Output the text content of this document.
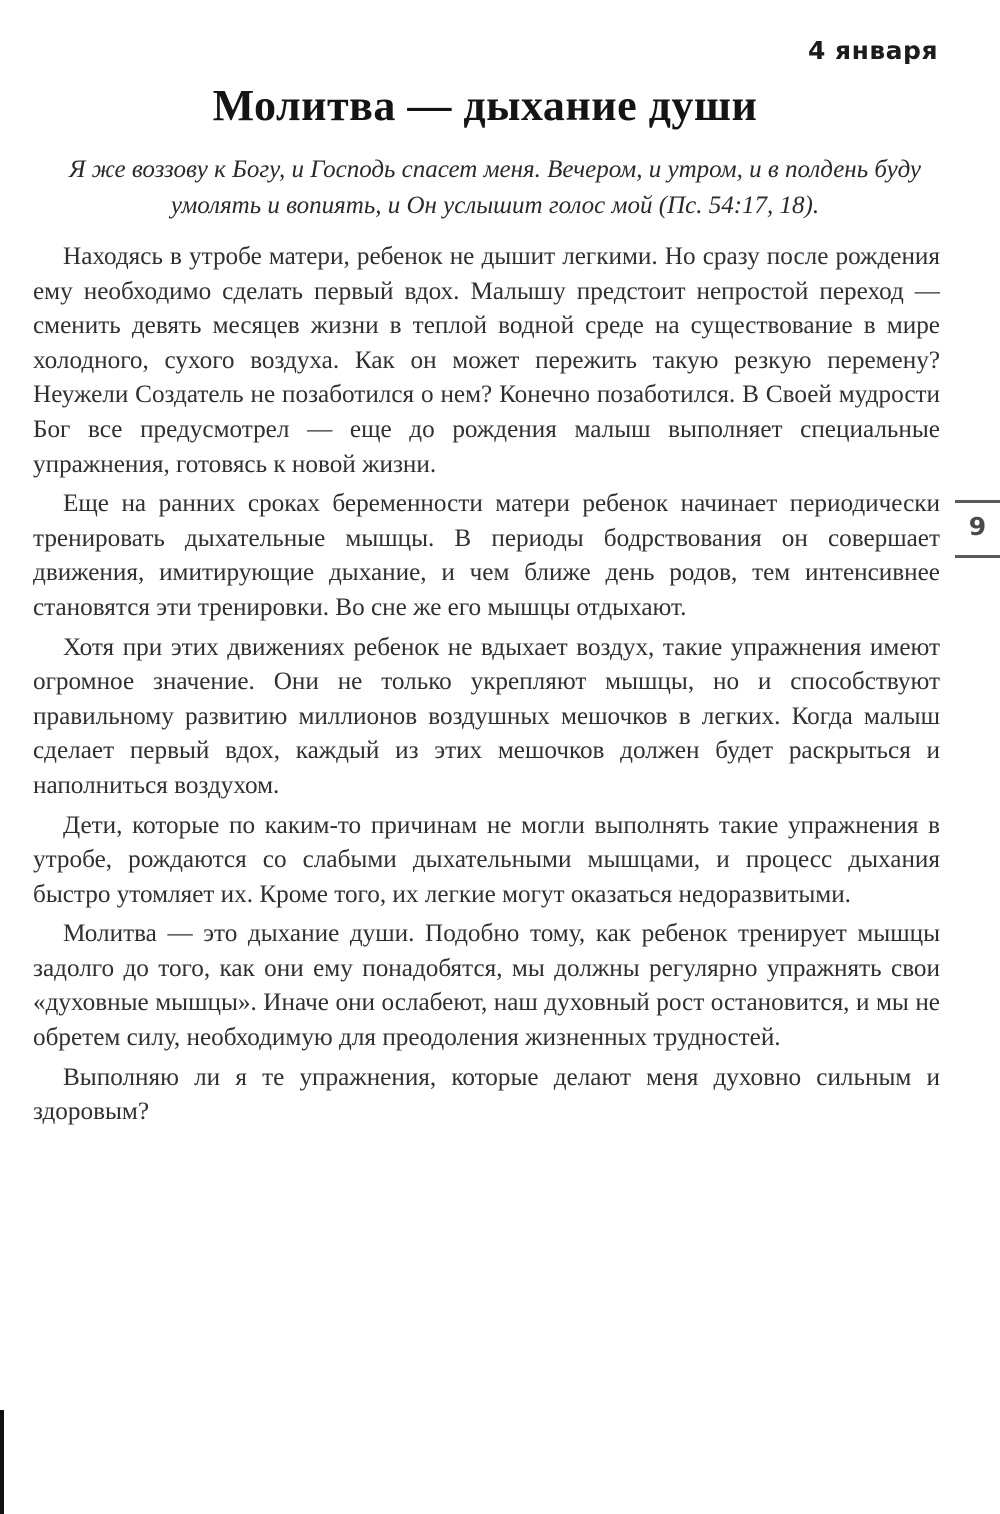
4 января
Молитва — дыхание души
Я же воззову к Богу, и Господь спасет меня. Вечером, и утром, и в полдень буду умолять и вопиять, и Он услышит голос мой (Пс. 54:17, 18).

Находясь в утробе матери, ребенок не дышит легкими. Но сразу после рождения ему необходимо сделать первый вдох. Малышу предстоит непростой переход — сменить девять месяцев жизни в теплой водной среде на существование в мире холодного, сухого воздуха. Как он может пережить такую резкую перемену? Неужели Создатель не позаботился о нем? Конечно позаботился. В Своей мудрости Бог все предусмотрел — еще до рождения малыш выполняет специальные упражнения, готовясь к новой жизни.

Еще на ранних сроках беременности матери ребенок начинает периодически тренировать дыхательные мышцы. В периоды бодрствования он совершает движения, имитирующие дыхание, и чем ближе день родов, тем интенсивнее становятся эти тренировки. Во сне же его мышцы отдыхают.

Хотя при этих движениях ребенок не вдыхает воздух, такие упражнения имеют огромное значение. Они не только укрепляют мышцы, но и способствуют правильному развитию миллионов воздушных мешочков в легких. Когда малыш сделает первый вдох, каждый из этих мешочков должен будет раскрыться и наполниться воздухом.

Дети, которые по каким-то причинам не могли выполнять такие упражнения в утробе, рождаются со слабыми дыхательными мышцами, и процесс дыхания быстро утомляет их. Кроме того, их легкие могут оказаться недоразвитыми.

Молитва — это дыхание души. Подобно тому, как ребенок тренирует мышцы задолго до того, как они ему понадобятся, мы должны регулярно упражнять свои «духовные мышцы». Иначе они ослабеют, наш духовный рост остановится, и мы не обретем силу, необходимую для преодоления жизненных трудностей.

Выполняю ли я те упражнения, которые делают меня духовно сильным и здоровым?

9
